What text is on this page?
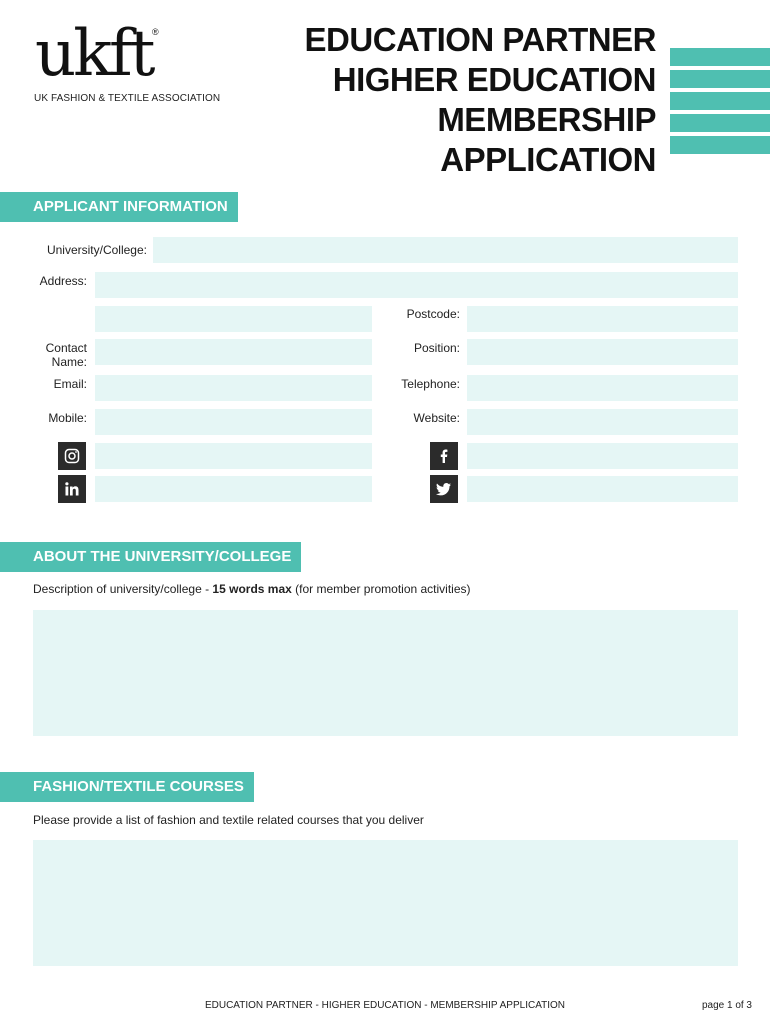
ukft ®
UK FASHION & TEXTILE ASSOCIATION
EDUCATION PARTNER
HIGHER EDUCATION
MEMBERSHIP
APPLICATION
APPLICANT INFORMATION
University/College:
Address:
Postcode:
Contact
Name:
Position:
Email:	Telephone:
Mobile:	Website:
ABOUT THE UNIVERSITY/COLLEGE
Description of university/college - 15 words max (for member promotion activities)
FASHION/TEXTILE COURSES
Please provide a list of fashion and textile related courses that you deliver
EDUCATION PARTNER - HIGHER EDUCATION - MEMBERSHIP APPLICATION	page 1 of 3
